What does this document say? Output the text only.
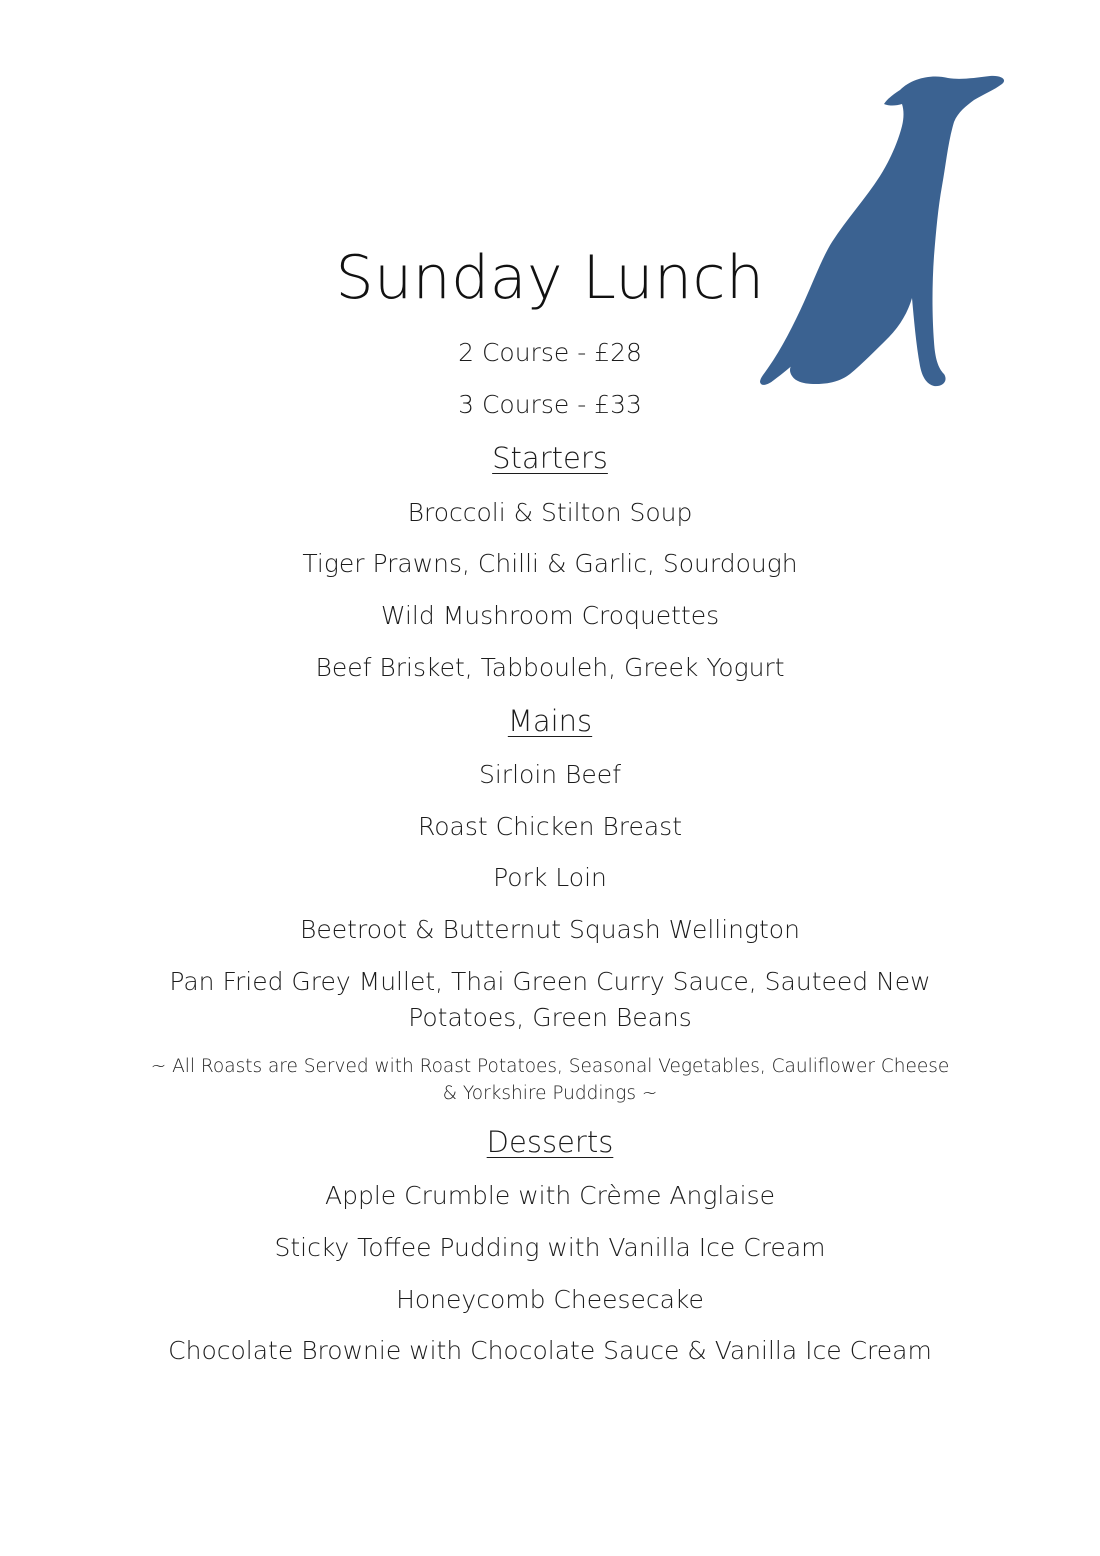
Sunday Lunch
2 Course - £28
3 Course - £33
Starters
Broccoli & Stilton Soup
Tiger Prawns, Chilli & Garlic, Sourdough
Wild Mushroom Croquettes
Beef Brisket, Tabbouleh, Greek Yogurt
Mains
Sirloin Beef
Roast Chicken Breast
Pork Loin
Beetroot & Butternut Squash Wellington
Pan Fried Grey Mullet, Thai Green Curry Sauce, Sauteed New Potatoes, Green Beans
~ All Roasts are Served with Roast Potatoes, Seasonal Vegetables, Cauliflower Cheese & Yorkshire Puddings ~
Desserts
Apple Crumble with Crème Anglaise
Sticky Toffee Pudding with Vanilla Ice Cream
Honeycomb Cheesecake
Chocolate Brownie with Chocolate Sauce & Vanilla Ice Cream
